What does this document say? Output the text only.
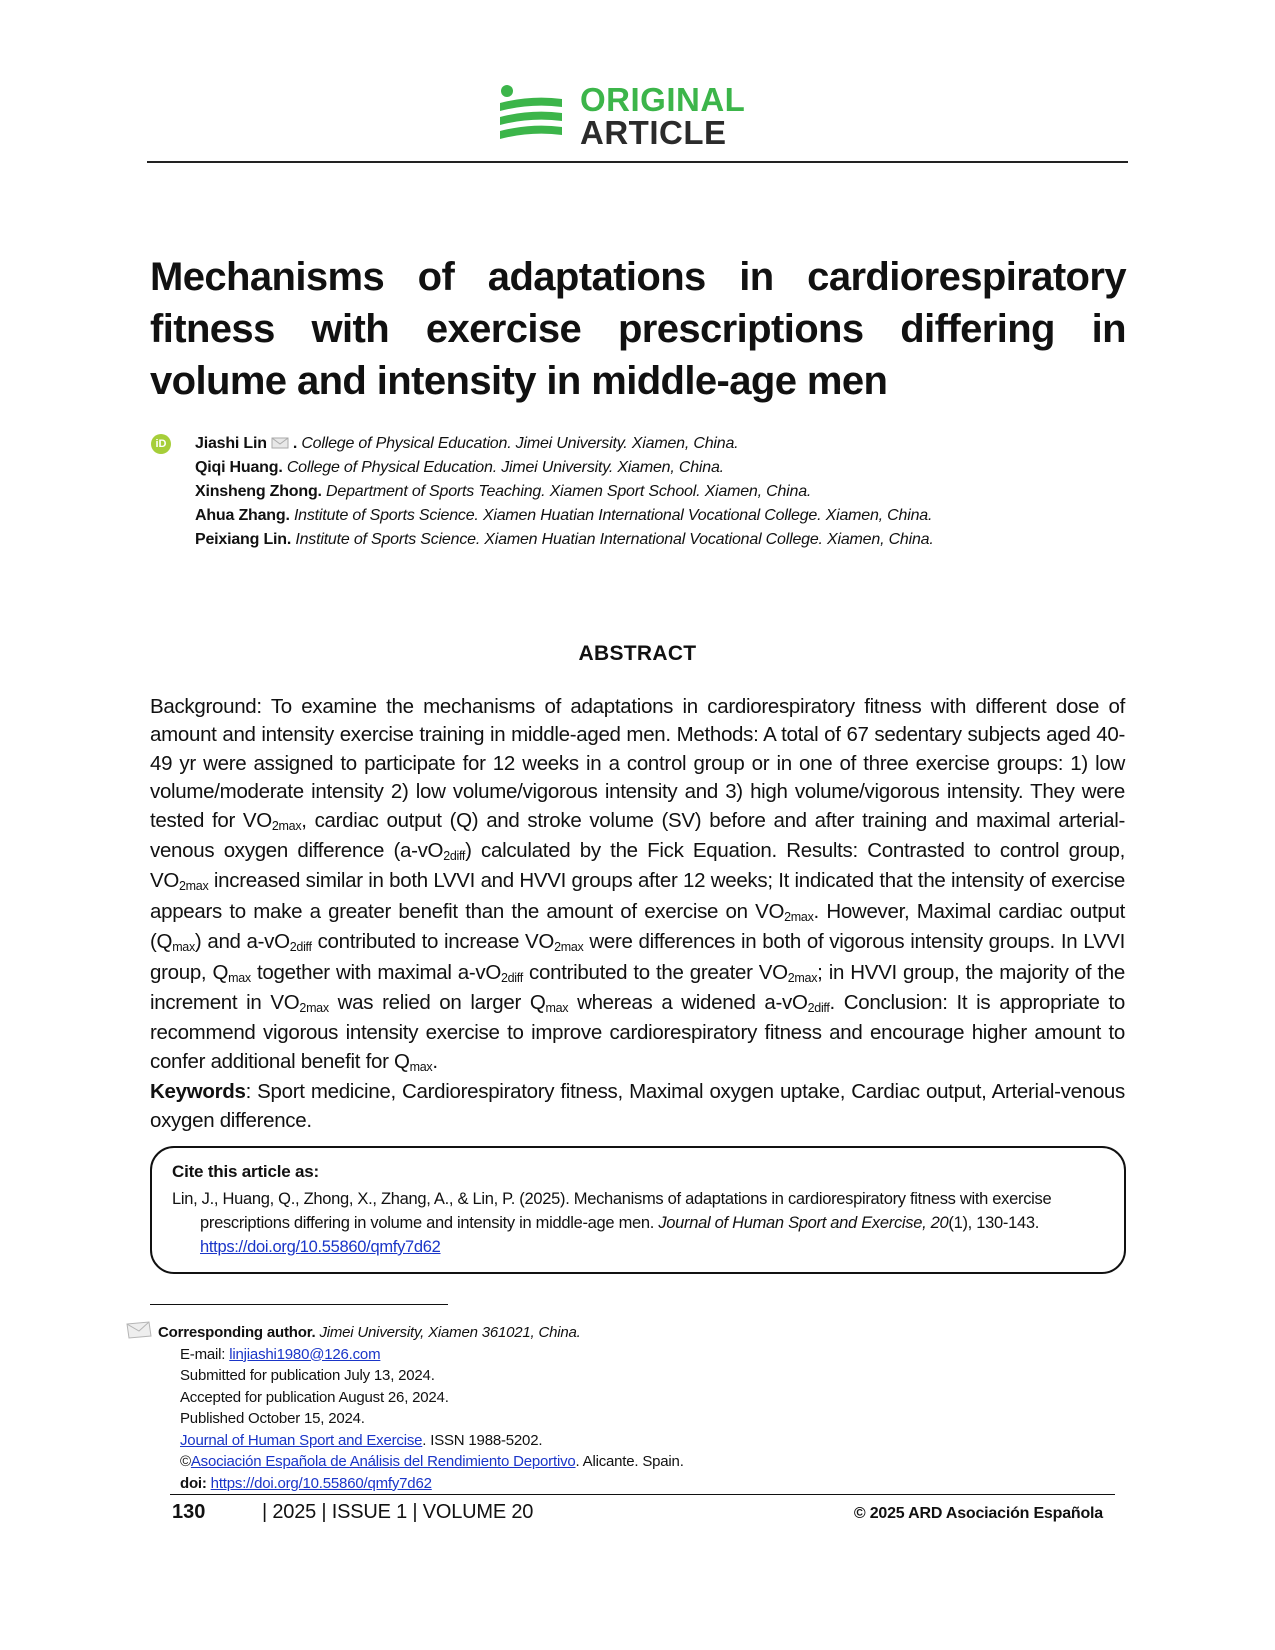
ORIGINAL
ARTICLE
Mechanisms of adaptations in cardiorespiratory fitness with exercise prescriptions differing in volume and intensity in middle-age men
iD Jiashi Lin . College of Physical Education. Jimei University. Xiamen, China.
Qiqi Huang. College of Physical Education. Jimei University. Xiamen, China.
Xinsheng Zhong. Department of Sports Teaching. Xiamen Sport School. Xiamen, China.
Ahua Zhang. Institute of Sports Science. Xiamen Huatian International Vocational College. Xiamen, China.
Peixiang Lin. Institute of Sports Science. Xiamen Huatian International Vocational College. Xiamen, China.
ABSTRACT

Background: To examine the mechanisms of adaptations in cardiorespiratory fitness with different dose of amount and intensity exercise training in middle-aged men. Methods: A total of 67 sedentary subjects aged 40-49 yr were assigned to participate for 12 weeks in a control group or in one of three exercise groups: 1) low volume/moderate intensity 2) low volume/vigorous intensity and 3) high volume/vigorous intensity. They were tested for $VO_{2max}$, cardiac output (Q) and stroke volume (SV) before and after training and maximal arterial-venous oxygen difference $(a-vO_{2diff})$ calculated by the Fick Equation. Results: Contrasted to control group, $VO_{2max}$ increased similar in both LVVI and HVVI groups after 12 weeks; It indicated that the intensity of exercise appears to make a greater benefit than the amount of exercise on $VO_{2max}$. However, Maximal cardiac output $(Q_{max})$ and $a-vO_{2diff}$ contributed to increase $VO_{2max}$ were differences in both of vigorous intensity groups. In LVVI group, $Q_{max}$ together with maximal $a-vO_{2diff}$ contributed to the greater $VO_{2max}$; in HVVI group, the majority of the increment in $VO_{2max}$ was relied on larger $Q_{max}$ whereas a widened $a-vO_{2diff}$. Conclusion: It is appropriate to recommend vigorous intensity exercise to improve cardiorespiratory fitness and encourage higher amount to confer additional benefit for $Q_{max}$.

Keywords: Sport medicine, Cardiorespiratory fitness, Maximal oxygen uptake, Cardiac output, Arterial-venous oxygen difference.

Cite this article as:
Lin, J., Huang, Q., Zhong, X., Zhang, A., & Lin, P. (2025). Mechanisms of adaptations in cardiorespiratory fitness with exercise
prescriptions differing in volume and intensity in middle-age men. Journal of Human Sport and Exercise, 20(1), 130-143.
https://doi.org/10.55860/qmfy7d62
Corresponding author. Jimei University, Xiamen 361021, China.
E-mail: linjiashi1980@126.com
Submitted for publication July 13, 2024.
Accepted for publication August 26, 2024.
Published October 15, 2024.
Journal of Human Sport and Exercise. ISSN 1988-5202.
©Asociación Española de Análisis del Rendimiento Deportivo. Alicante. Spain.
doi: https://doi.org/10.55860/qmfy7d62
130	| 2025 | ISSUE 1 | VOLUME 20	© 2025 ARD Asociación Española
